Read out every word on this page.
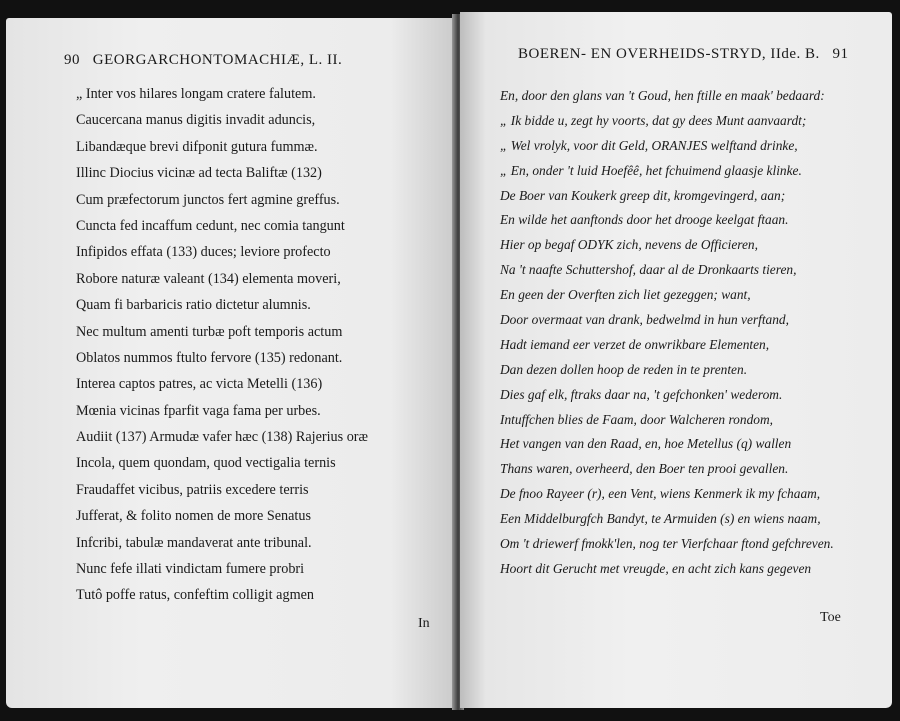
90 GEORGARCHONTOMACHIÆ, L. II.
„ Inter vos hilares longam cratere falutem.
Caucercana manus digitis invadit aduncis,
Libandæque brevi difponit gutura fummæ.
Illinc Diocius vicinæ ad tecta Baliftæ (132)
Cum præfectorum junctos fert agmine greffus.
Cuncta fed incaffum cedunt, nec comia tangunt
Infipidos effata (133) duces; leviore profecto
Robore naturæ valeant (134) elementa moveri,
Quam fi barbaricis ratio dictetur alumnis.
Nec multum amenti turbæ poft temporis actum
Oblatos nummos ftulto fervore (135) redonant.
Interea captos patres, ac victa Metelli (136)
Mœnia vicinas fparfit vaga fama per urbes.
Audiit (137) Armudæ vafer hæc (138) Rajerius oræ
Incola, quem quondam, quod vectigalia ternis
Fraudaffet vicibus, patriis excedere terris
Jufferat, & folito nomen de more Senatus
Infcribi, tabulæ mandaverat ante tribunal.
Nunc fefe illati vindictam fumere probri
Tutô poffe ratus, confeftim colligit agmen
In
BOEREN- EN OVERHEIDS-STRYD, IIde. B. 91
En, door den glans van 't Goud, hen ftille en maak' bedaard:
„ Ik bidde u, zegt hy voorts, dat gy dees Munt aanvaardt;
„ Wel vrolyk, voor dit Geld, ORANJES welftand drinke,
„ En, onder 't luid Hoefêê, het fchuimend glaasje klinke.
De Boer van Koukerk greep dit, kromgevingerd, aan;
En wilde het aanftonds door het drooge keelgat ftaan.
Hier op begaf ODYK zich, nevens de Officieren,
Na 't naafte Schuttershof, daar al de Dronkaarts tieren,
En geen der Overften zich liet gezeggen; want,
Door overmaat van drank, bedwelmd in hun verftand,
Hadt iemand eer verzet de onwrikbare Elementen,
Dan dezen dollen hoop de reden in te prenten.
Dies gaf elk, ftraks daar na, 't gefchonken' wederom.
Intuffchen blies de Faam, door Walcheren rondom,
Het vangen van den Raad, en, hoe Metellus (q) wallen
Thans waren, overheerd, den Boer ten prooi gevallen.
De fnoo Rayeer (r), een Vent, wiens Kenmerk ik my fchaam,
Een Middelburgfch Bandyt, te Armuiden (s) en wiens naam,
Om 't driewerf fmokk'len, nog ter Vierfchaar ftond gefchreven.
Hoort dit Gerucht met vreugde, en acht zich kans gegeven
Toe
